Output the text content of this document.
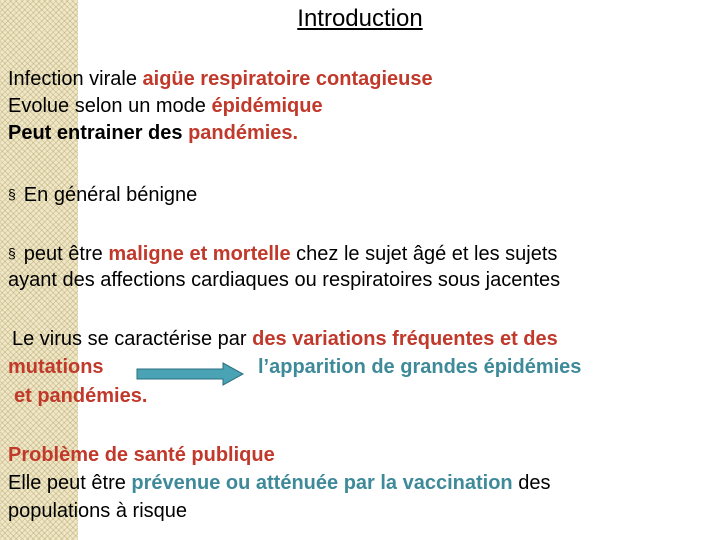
Introduction
Infection virale aigüe respiratoire contagieuse
Evolue selon un mode épidémique
Peut entrainer des pandémies.
§ En général bénigne
§ peut être maligne et mortelle chez le sujet âgé et les sujets
ayant des affections cardiaques ou respiratoires sous jacentes
Le virus se caractérise par des variations fréquentes et des
mutations	l’apparition de grandes épidémies
et pandémies.
Problème de santé publique
Elle peut être prévenue ou atténuée par la vaccination des
populations à risque
